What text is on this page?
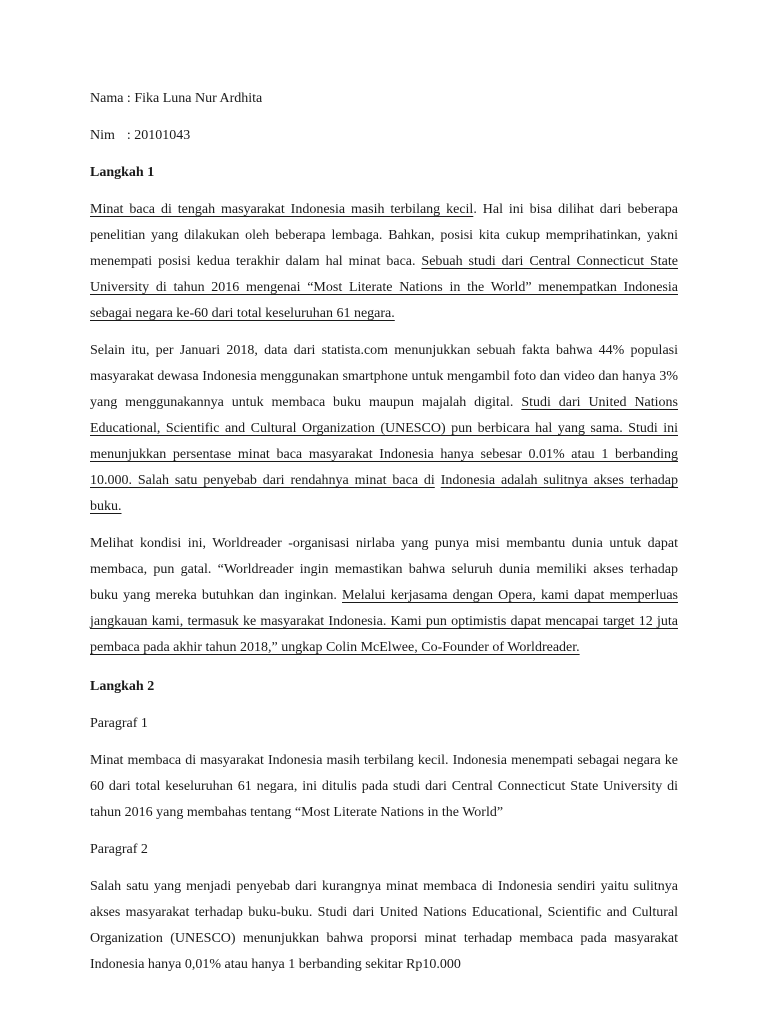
Nama : Fika Luna Nur Ardhita
Nim : 20101043
Langkah 1

Minat baca di tengah masyarakat Indonesia masih terbilang kecil. Hal ini bisa dilihat dari beberapa penelitian yang dilakukan oleh beberapa lembaga. Bahkan, posisi kita cukup memprihatinkan, yakni menempati posisi kedua terakhir dalam hal minat baca. Sebuah studi dari Central Connecticut State University di tahun 2016 mengenai “Most Literate Nations in the World” menempatkan Indonesia sebagai negara ke-60 dari total keseluruhan 61 negara.

Selain itu, per Januari 2018, data dari statista.com menunjukkan sebuah fakta bahwa 44% populasi masyarakat dewasa Indonesia menggunakan smartphone untuk mengambil foto dan video dan hanya 3% yang menggunakannya untuk membaca buku maupun majalah digital. Studi dari United Nations Educational, Scientific and Cultural Organization (UNESCO) pun berbicara hal yang sama. Studi ini menunjukkan persentase minat baca masyarakat Indonesia hanya sebesar 0.01% atau 1 berbanding 10.000. Salah satu penyebab dari rendahnya minat baca di Indonesia adalah sulitnya akses terhadap buku.

Melihat kondisi ini, Worldreader -organisasi nirlaba yang punya misi membantu dunia untuk dapat membaca, pun gatal. “Worldreader ingin memastikan bahwa seluruh dunia memiliki akses terhadap buku yang mereka butuhkan dan inginkan. Melalui kerjasama dengan Opera, kami dapat memperluas jangkauan kami, termasuk ke masyarakat Indonesia. Kami pun optimistis dapat mencapai target 12 juta pembaca pada akhir tahun 2018,” ungkap Colin McElwee, Co-Founder of Worldreader.

Langkah 2
Paragraf 1

Minat membaca di masyarakat Indonesia masih terbilang kecil. Indonesia menempati sebagai negara ke 60 dari total keseluruhan 61 negara, ini ditulis pada studi dari Central Connecticut State University di tahun 2016 yang membahas tentang “Most Literate Nations in the World”

Paragraf 2

Salah satu yang menjadi penyebab dari kurangnya minat membaca di Indonesia sendiri yaitu sulitnya akses masyarakat terhadap buku-buku. Studi dari United Nations Educational, Scientific and Cultural Organization (UNESCO) menunjukkan bahwa proporsi minat terhadap membaca pada masyarakat Indonesia hanya 0,01% atau hanya 1 berbanding sekitar Rp10.000
